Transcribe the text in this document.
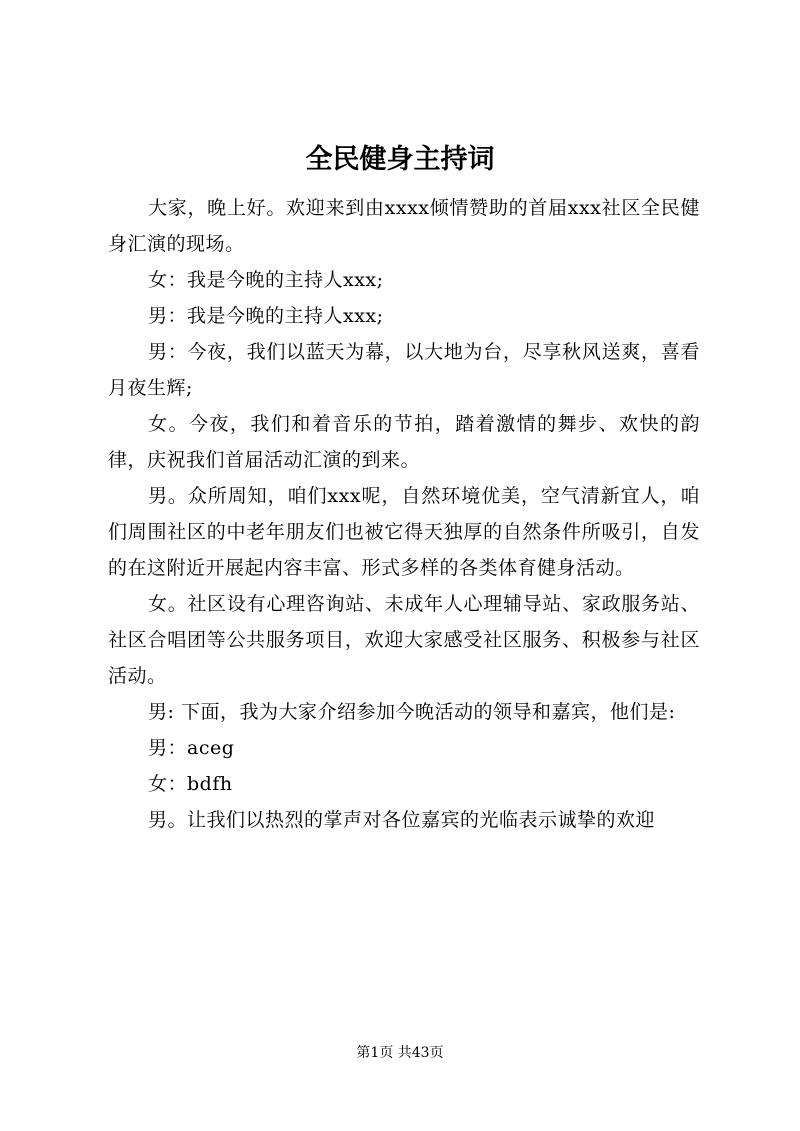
全民健身主持词

大家，晚上好。欢迎来到由xxxx倾情赞助的首届xxx社区全民健身汇演的现场。

女：我是今晚的主持人xxx;

男：我是今晚的主持人xxx;

男：今夜，我们以蓝天为幕，以大地为台，尽享秋风送爽，喜看月夜生辉;

女。今夜，我们和着音乐的节拍，踏着激情的舞步、欢快的韵律，庆祝我们首届活动汇演的到来。

男。众所周知，咱们xxx呢，自然环境优美，空气清新宜人，咱们周围社区的中老年朋友们也被它得天独厚的自然条件所吸引，自发的在这附近开展起内容丰富、形式多样的各类体育健身活动。

女。社区设有心理咨询站、未成年人心理辅导站、家政服务站、社区合唱团等公共服务项目，欢迎大家感受社区服务、积极参与社区活动。

男: 下面，我为大家介绍参加今晚活动的领导和嘉宾，他们是:

男：aceg

女：bdfh

男。让我们以热烈的掌声对各位嘉宾的光临表示诚挚的欢迎

第1页 共43页
